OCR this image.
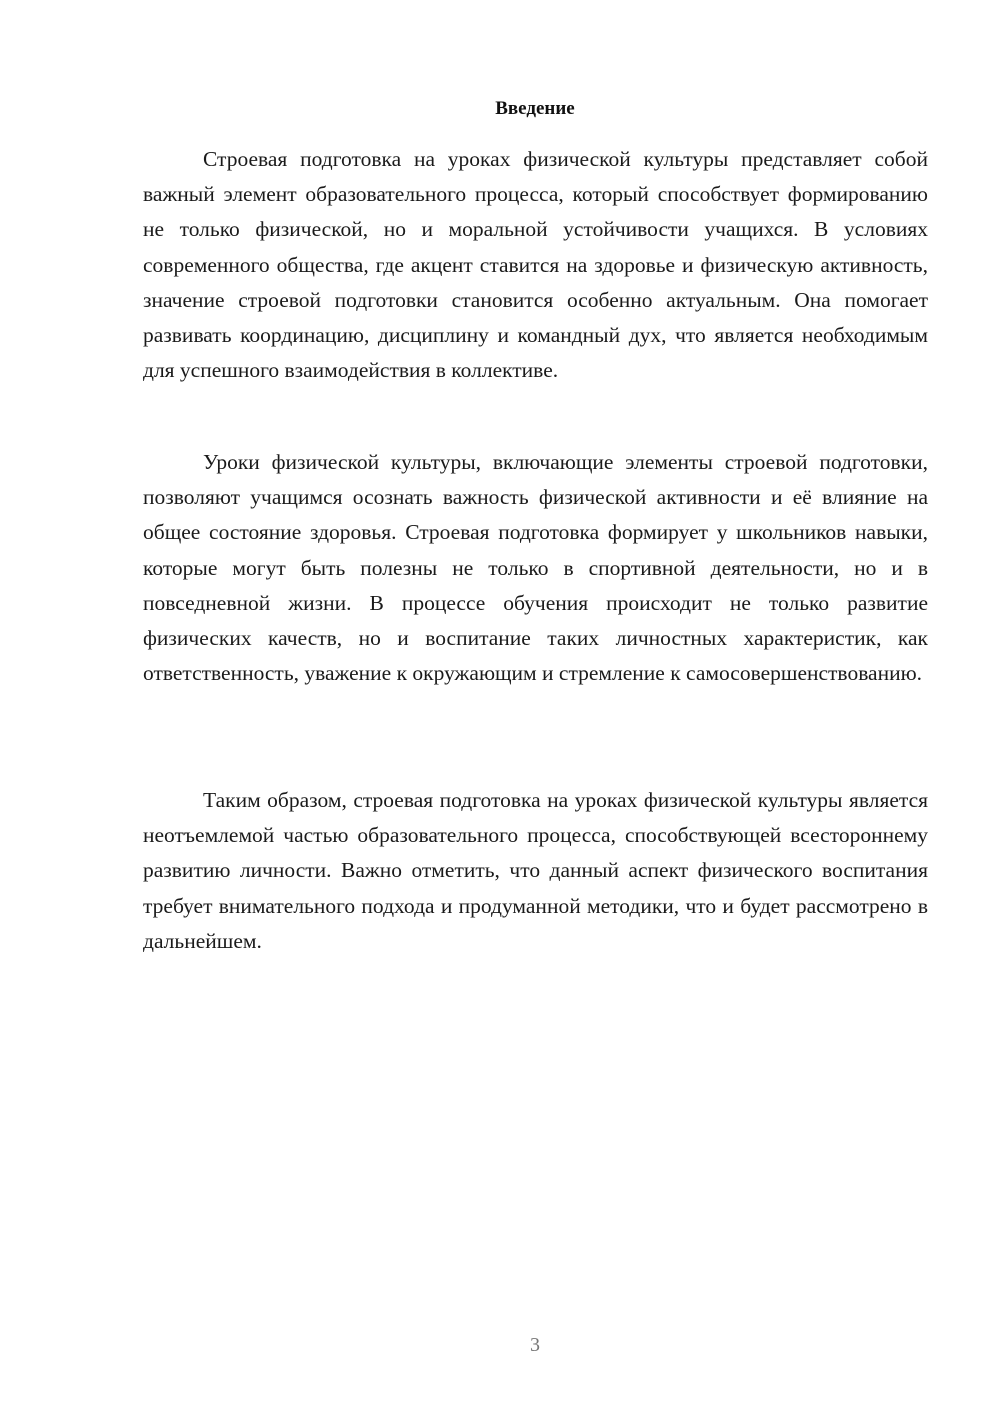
Введение

Строевая подготовка на уроках физической культуры представляет собой важный элемент образовательного процесса, который способствует формированию не только физической, но и моральной устойчивости учащихся. В условиях современного общества, где акцент ставится на здоровье и физическую активность, значение строевой подготовки становится особенно актуальным. Она помогает развивать координацию, дисциплину и командный дух, что является необходимым для успешного взаимодействия в коллективе.

Уроки физической культуры, включающие элементы строевой подготовки, позволяют учащимся осознать важность физической активности и её влияние на общее состояние здоровья. Строевая подготовка формирует у школьников навыки, которые могут быть полезны не только в спортивной деятельности, но и в повседневной жизни. В процессе обучения происходит не только развитие физических качеств, но и воспитание таких личностных характеристик, как ответственность, уважение к окружающим и стремление к самосовершенствованию.

Таким образом, строевая подготовка на уроках физической культуры является неотъемлемой частью образовательного процесса, способствующей всестороннему развитию личности. Важно отметить, что данный аспект физического воспитания требует внимательного подхода и продуманной методики, что и будет рассмотрено в дальнейшем.

3
